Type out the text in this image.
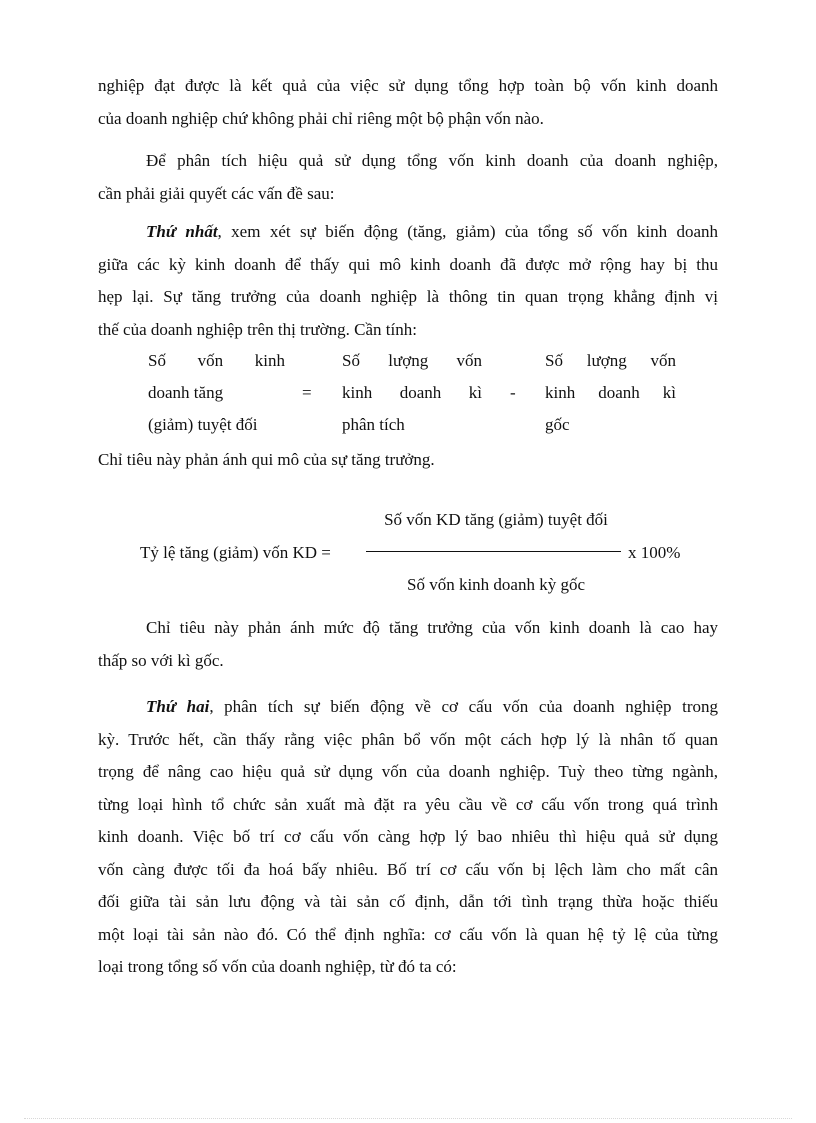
nghiệp đạt được là kết quả của việc sử dụng tổng hợp toàn bộ vốn kinh doanh
của doanh nghiệp chứ không phải chỉ riêng một bộ phận vốn nào.
Để phân tích hiệu quả sử dụng tổng vốn kinh doanh của doanh nghiệp,
cần phải giải quyết các vấn đề sau:
Thứ nhất, xem xét sự biến động (tăng, giảm) của tổng số vốn kinh doanh
giữa các kỳ kinh doanh để thấy qui mô kinh doanh đã được mở rộng hay bị thu
hẹp lại. Sự tăng trưởng của doanh nghiệp là thông tin quan trọng khẳng định vị
thế của doanh nghiệp trên thị trường. Cần tính:
Số vốn kinh
doanh tăng
(giảm) tuyệt đối
=
Số lượng vốn
kinh doanh kì
phân tích
-
Số lượng vốn
kinh doanh kì
gốc
Chỉ tiêu này phản ánh qui mô của sự tăng trưởng.
Tỷ lệ tăng (giảm) vốn KD =
Số vốn KD tăng (giảm) tuyệt đối
Số vốn kinh doanh kỳ gốc
x 100%
Chỉ tiêu này phản ánh mức độ tăng trưởng của vốn kinh doanh là cao hay
thấp so với kì gốc.
Thứ hai, phân tích sự biến động về cơ cấu vốn của doanh nghiệp trong
kỳ. Trước hết, cần thấy rằng việc phân bổ vốn một cách hợp lý là nhân tố quan
trọng để nâng cao hiệu quả sử dụng vốn của doanh nghiệp. Tuỳ theo từng ngành,
từng loại hình tổ chức sản xuất mà đặt ra yêu cầu về cơ cấu vốn trong quá trình
kinh doanh. Việc bố trí cơ cấu vốn càng hợp lý bao nhiêu thì hiệu quả sử dụng
vốn càng được tối đa hoá bấy nhiêu. Bố trí cơ cấu vốn bị lệch làm cho mất cân
đối giữa tài sản lưu động và tài sản cố định, dẫn tới tình trạng thừa hoặc thiếu
một loại tài sản nào đó. Có thể định nghĩa: cơ cấu vốn là quan hệ tỷ lệ của từng
loại trong tổng số vốn của doanh nghiệp, từ đó ta có:
